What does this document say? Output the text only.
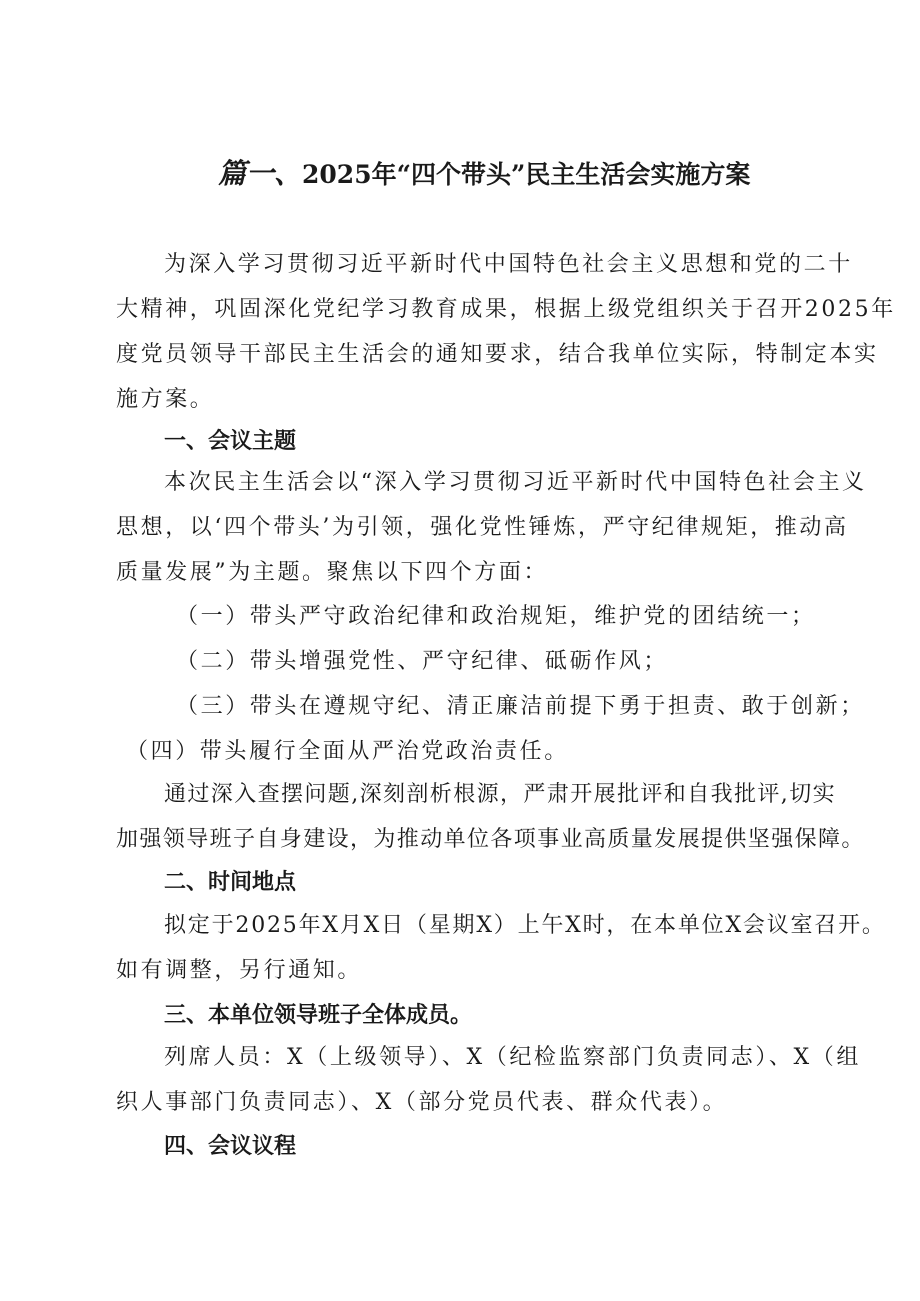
篇一、2025年“四个带头”民主生活会实施方案
为深入学习贯彻习近平新时代中国特色社会主义思想和党的二十
大精神，巩固深化党纪学习教育成果，根据上级党组织关于召开2025年
度党员领导干部民主生活会的通知要求，结合我单位实际，特制定本实
施方案。
一、会议主题
本次民主生活会以“深入学习贯彻习近平新时代中国特色社会主义
思想，以‘四个带头’为引领，强化党性锤炼，严守纪律规矩，推动高
质量发展”为主题。聚焦以下四个方面：
（一）带头严守政治纪律和政治规矩，维护党的团结统一；
（二）带头增强党性、严守纪律、砥砺作风；
（三）带头在遵规守纪、清正廉洁前提下勇于担责、敢于创新；
（四）带头履行全面从严治党政治责任。
通过深入查摆问题,深刻剖析根源，严肃开展批评和自我批评,切实
加强领导班子自身建设，为推动单位各项事业高质量发展提供坚强保障。
二、时间地点
拟定于2025年X月X日（星期X）上午X时，在本单位X会议室召开。
如有调整，另行通知。
三、本单位领导班子全体成员。
列席人员：X（上级领导）、X（纪检监察部门负责同志）、X（组
织人事部门负责同志）、X（部分党员代表、群众代表）。
四、会议议程
